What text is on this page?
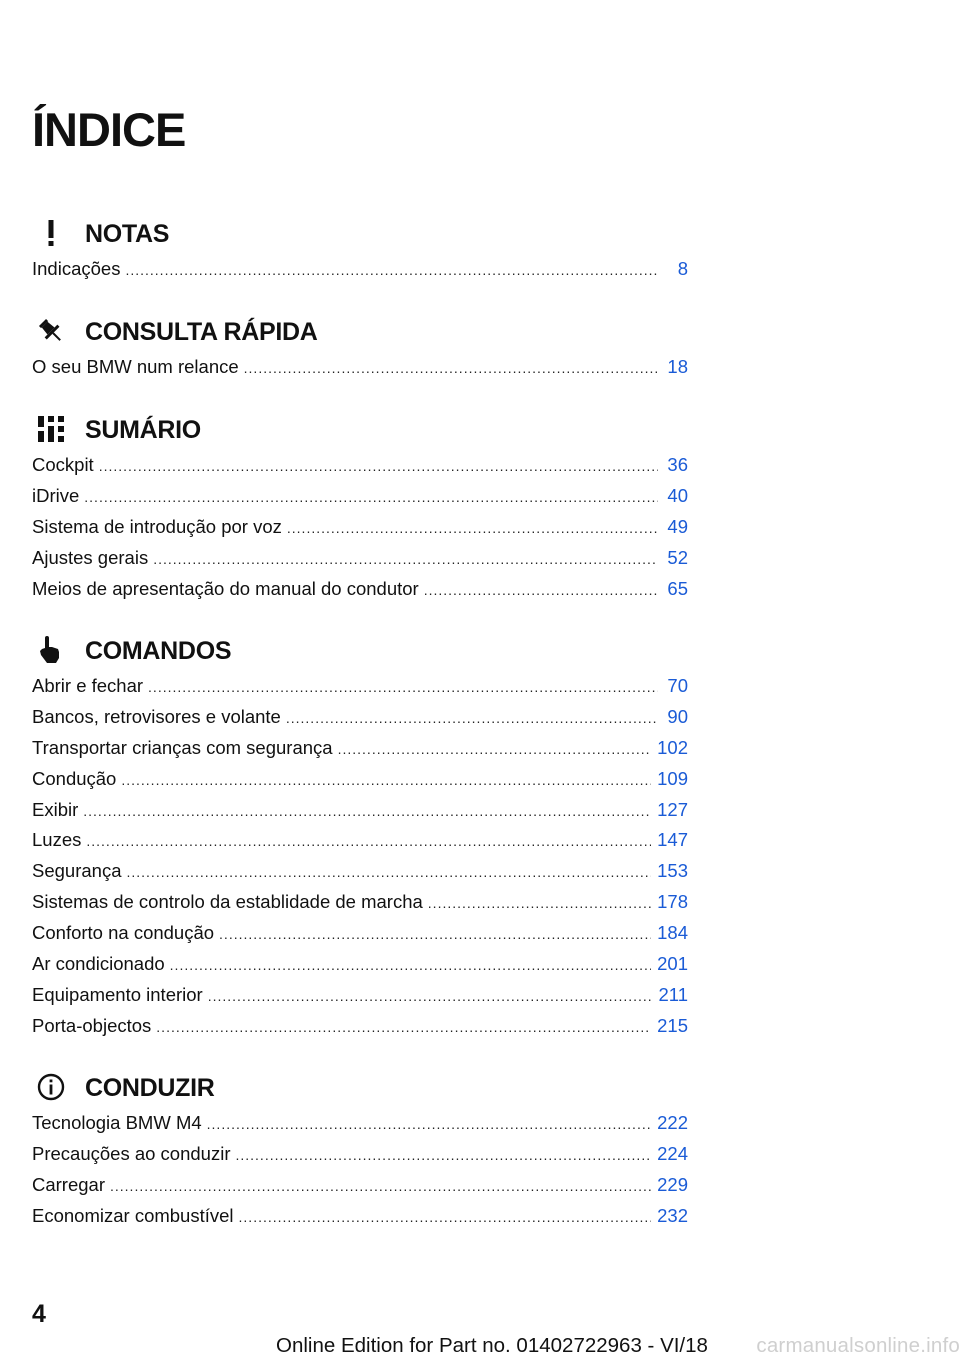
ÍNDICE
NOTAS
Indicações .....	8
CONSULTA RÁPIDA
O seu BMW num relance .....	18
SUMÁRIO
Cockpit .....	36
iDrive .....	40
Sistema de introdução por voz .....	49
Ajustes gerais .....	52
Meios de apresentação do manual do condutor .....	65
COMANDOS
Abrir e fechar .....	70
Bancos, retrovisores e volante .....	90
Transportar crianças com segurança .....	102
Condução .....	109
Exibir .....	127
Luzes .....	147
Segurança .....	153
Sistemas de controlo da establidade de marcha .....	178
Conforto na condução .....	184
Ar condicionado .....	201
Equipamento interior .....	211
Porta-objectos .....	215
CONDUZIR
Tecnologia BMW M4 .....	222
Precauções ao conduzir .....	224
Carregar .....	229
Economizar combustível .....	232
4
Online Edition for Part no. 01402722963 - VI/18	carmanualsonline.info
